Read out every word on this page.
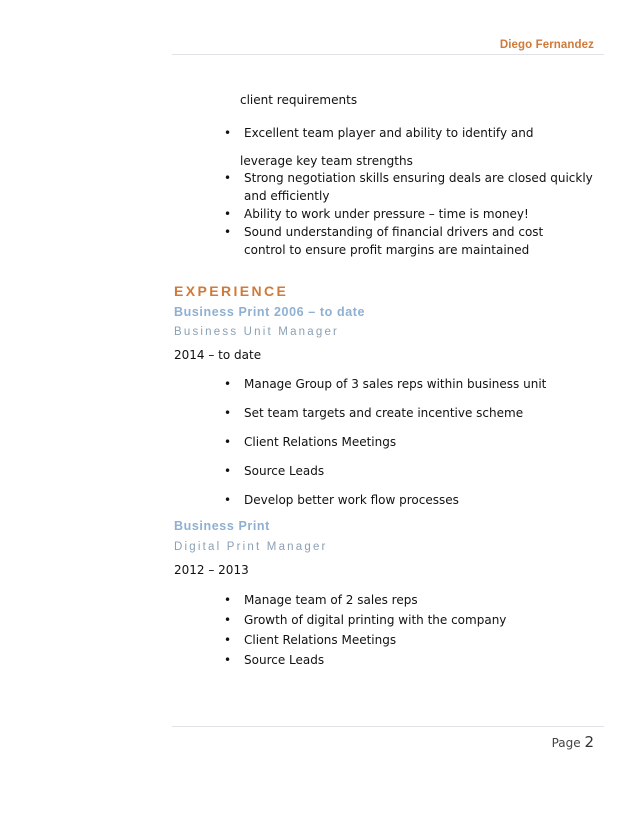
Diego Fernandez
client requirements
• Excellent team player and ability to identify and
leverage key team strengths
• Strong negotiation skills ensuring deals are closed quickly
and efficiently
• Ability to work under pressure – time is money!
• Sound understanding of financial drivers and cost
control to ensure profit margins are maintained
EXPERIENCE
Business Print 2006 – to date
Business Unit Manager
2014 – to date
• Manage Group of 3 sales reps within business unit
• Set team targets and create incentive scheme
• Client Relations Meetings
• Source Leads
• Develop better work flow processes
Business Print
Digital Print Manager
2012 – 2013
• Manage team of 2 sales reps
• Growth of digital printing with the company
• Client Relations Meetings
• Source Leads
Page 2
